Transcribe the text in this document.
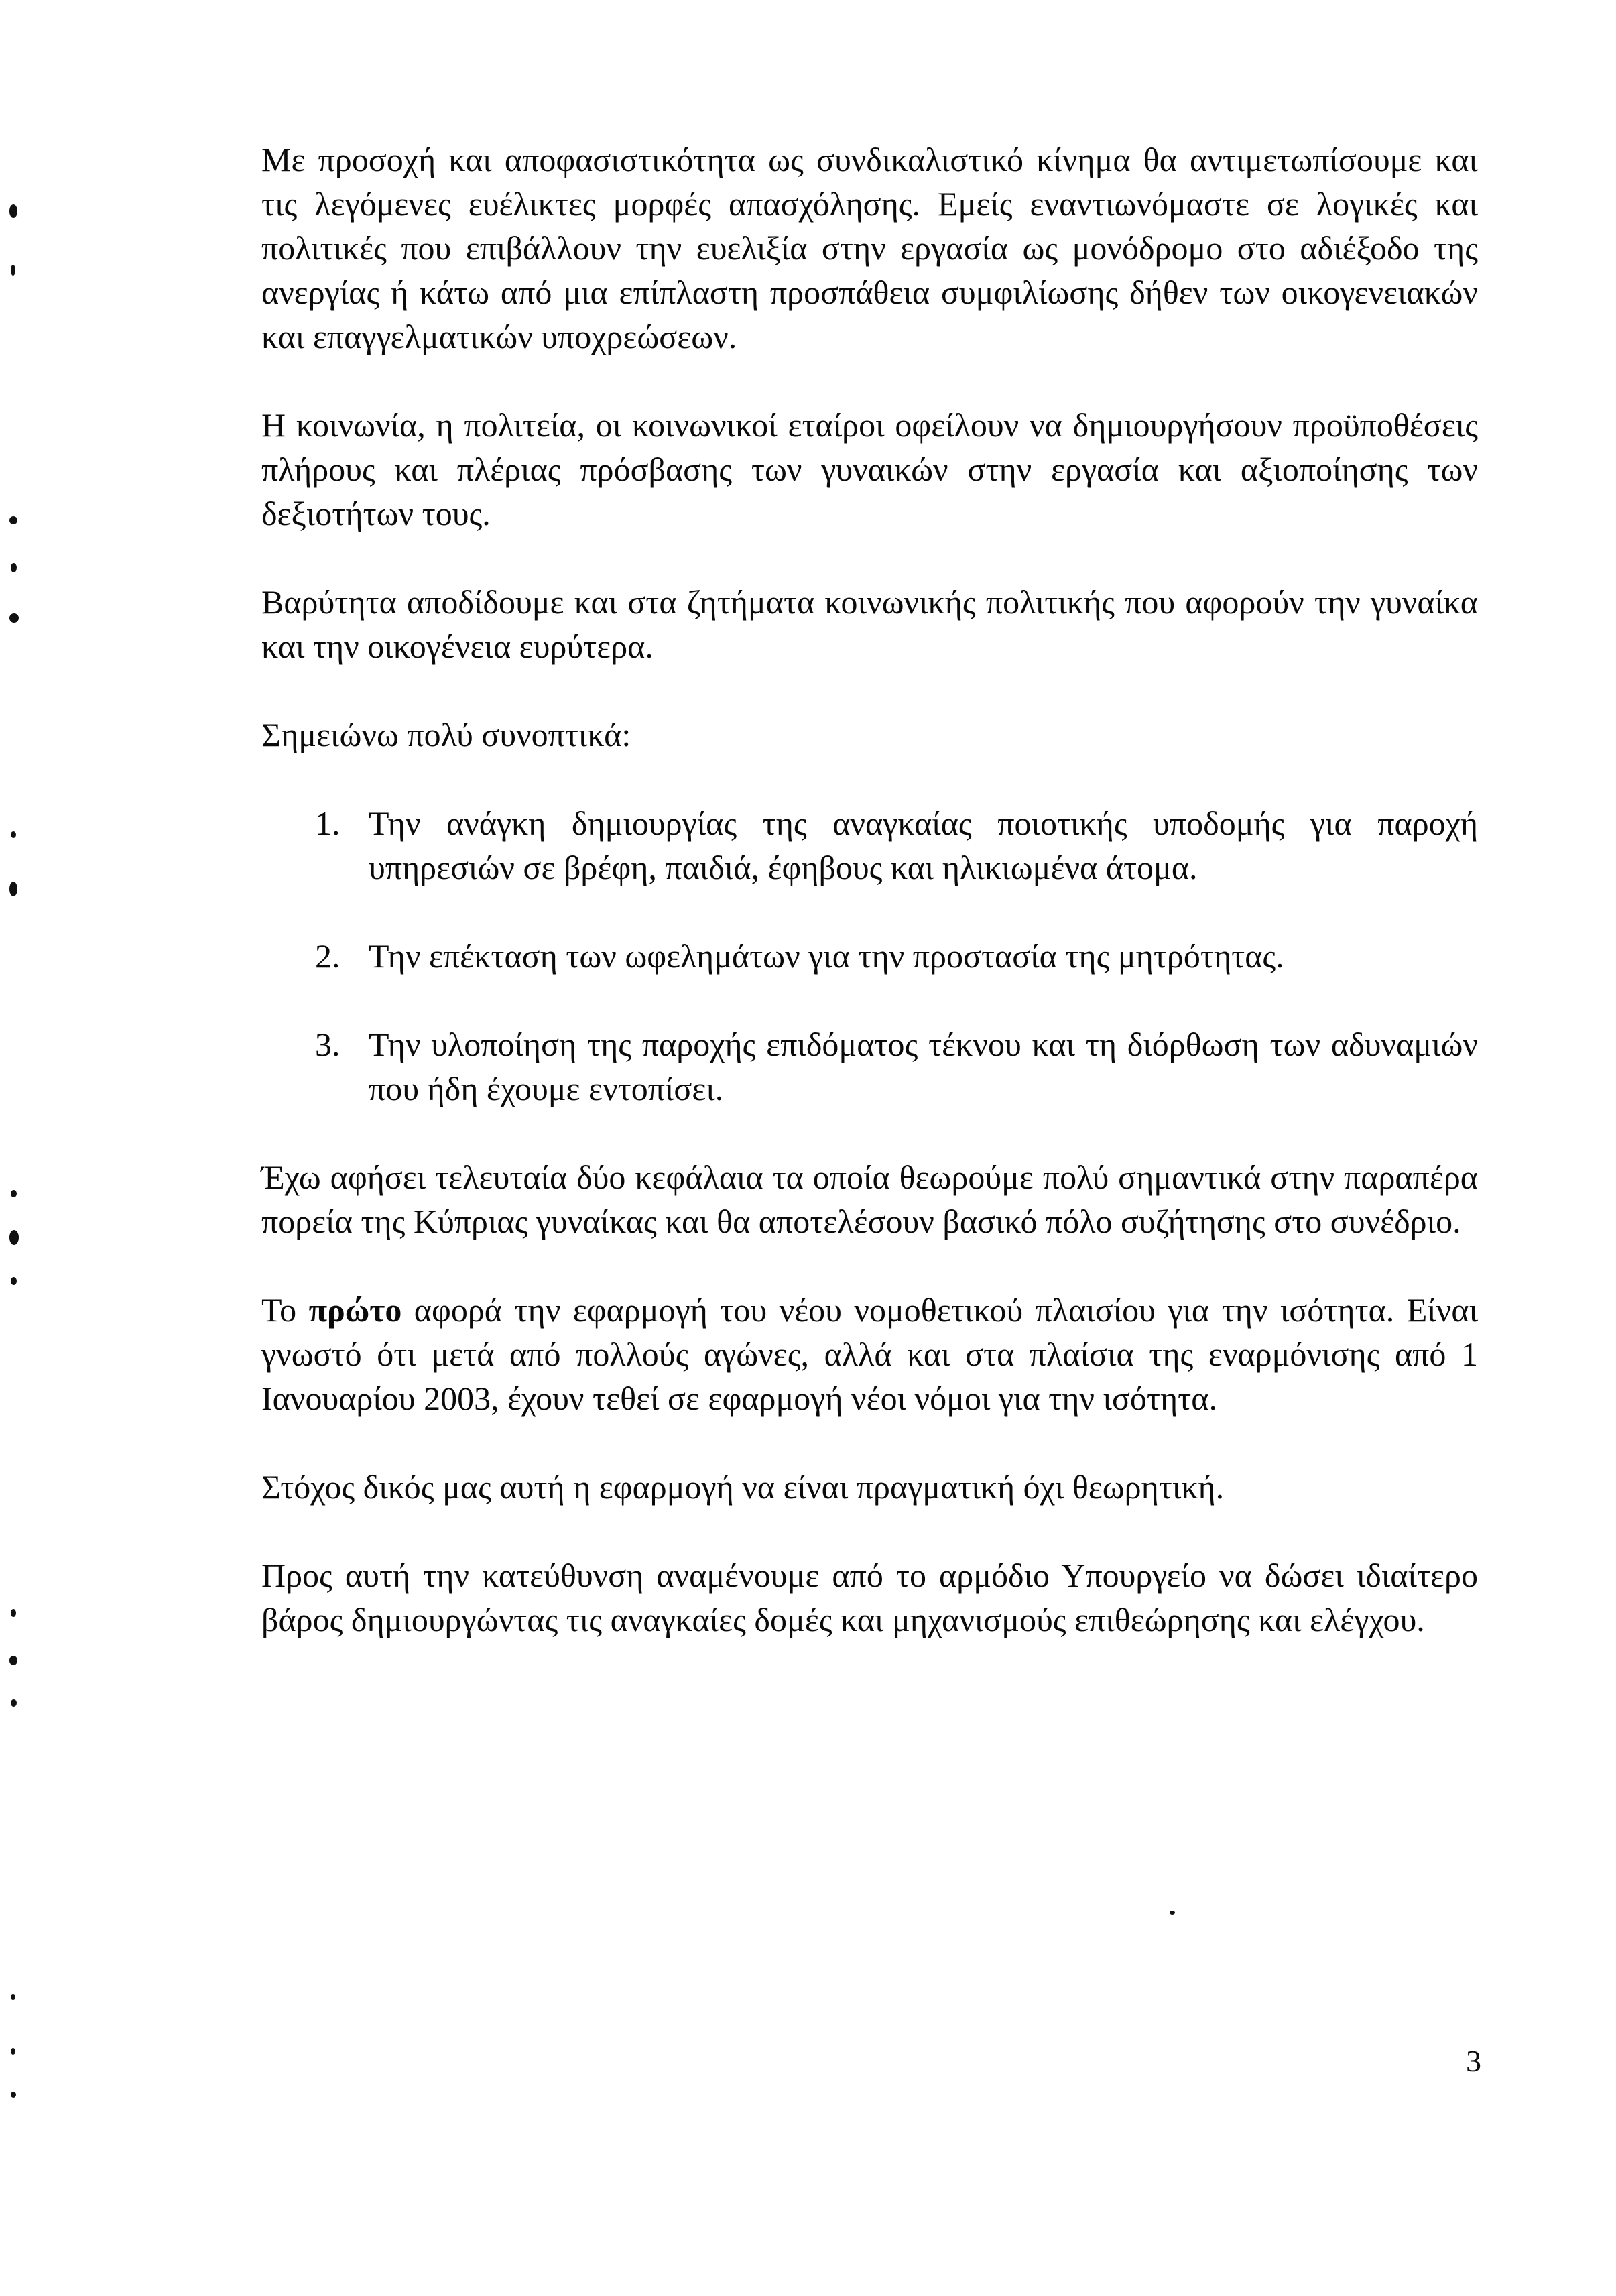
Με προσοχή και αποφασιστικότητα ως συνδικαλιστικό κίνημα θα αντιμετωπίσουμε και τις λεγόμενες ευέλικτες μορφές απασχόλησης. Εμείς εναντιωνόμαστε σε λογικές και πολιτικές που επιβάλλουν την ευελιξία στην εργασία ως μονόδρομο στο αδιέξοδο της ανεργίας ή κάτω από μια επίπλαστη προσπάθεια συμφιλίωσης δήθεν των οικογενειακών και επαγγελματικών υποχρεώσεων.

Η κοινωνία, η πολιτεία, οι κοινωνικοί εταίροι οφείλουν να δημιουργήσουν προϋποθέσεις πλήρους και πλέριας πρόσβασης των γυναικών στην εργασία και αξιοποίησης των δεξιοτήτων τους.

Βαρύτητα αποδίδουμε και στα ζητήματα κοινωνικής πολιτικής που αφορούν την γυναίκα και την οικογένεια ευρύτερα.

Σημειώνω πολύ συνοπτικά:

1. Την ανάγκη δημιουργίας της αναγκαίας ποιοτικής υποδομής για παροχή υπηρεσιών σε βρέφη, παιδιά, έφηβους και ηλικιωμένα άτομα.
2. Την επέκταση των ωφελημάτων για την προστασία της μητρότητας.
3. Την υλοποίηση της παροχής επιδόματος τέκνου και τη διόρθωση των αδυναμιών που ήδη έχουμε εντοπίσει.

Έχω αφήσει τελευταία δύο κεφάλαια τα οποία θεωρούμε πολύ σημαντικά στην παραπέρα πορεία της Κύπριας γυναίκας και θα αποτελέσουν βασικό πόλο συζήτησης στο συνέδριο.

Το πρώτο αφορά την εφαρμογή του νέου νομοθετικού πλαισίου για την ισότητα. Είναι γνωστό ότι μετά από πολλούς αγώνες, αλλά και στα πλαίσια της εναρμόνισης από 1 Ιανουαρίου 2003, έχουν τεθεί σε εφαρμογή νέοι νόμοι για την ισότητα.

Στόχος δικός μας αυτή η εφαρμογή να είναι πραγματική όχι θεωρητική.

Προς αυτή την κατεύθυνση αναμένουμε από το αρμόδιο Υπουργείο να δώσει ιδιαίτερο βάρος δημιουργώντας τις αναγκαίες δομές και μηχανισμούς επιθεώρησης και ελέγχου.

3
